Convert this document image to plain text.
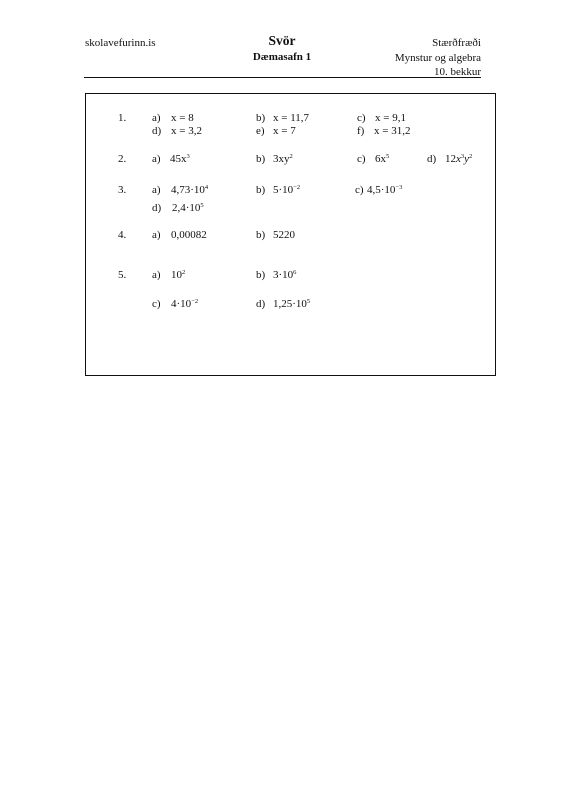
skolavefurinn.is	Svör
Dæmasafn 1
Stærðfræði
Mynstur og algebra
10. bekkur
1. a) x = 8	b) x = 11,7	c) x = 9,1
d) x = 3,2	e) x = 7	f) x = 31,2
2. a) $45x^3$	b) $3xy^2$	c) $6x^5$	d) $12x^3y^2$
3. a) $4,73\cdot 10^4$	b) $5\cdot 10^{-2}$	c) $4,5\cdot 10^{-3}$
d) $2,4\cdot 10^5$
4. a) 0,00082	b) 5220
5. a) $10^2$	b) $3\cdot 10^6$
c) $4\cdot 10^{-2}$	d) $1,25\cdot 10^5$
